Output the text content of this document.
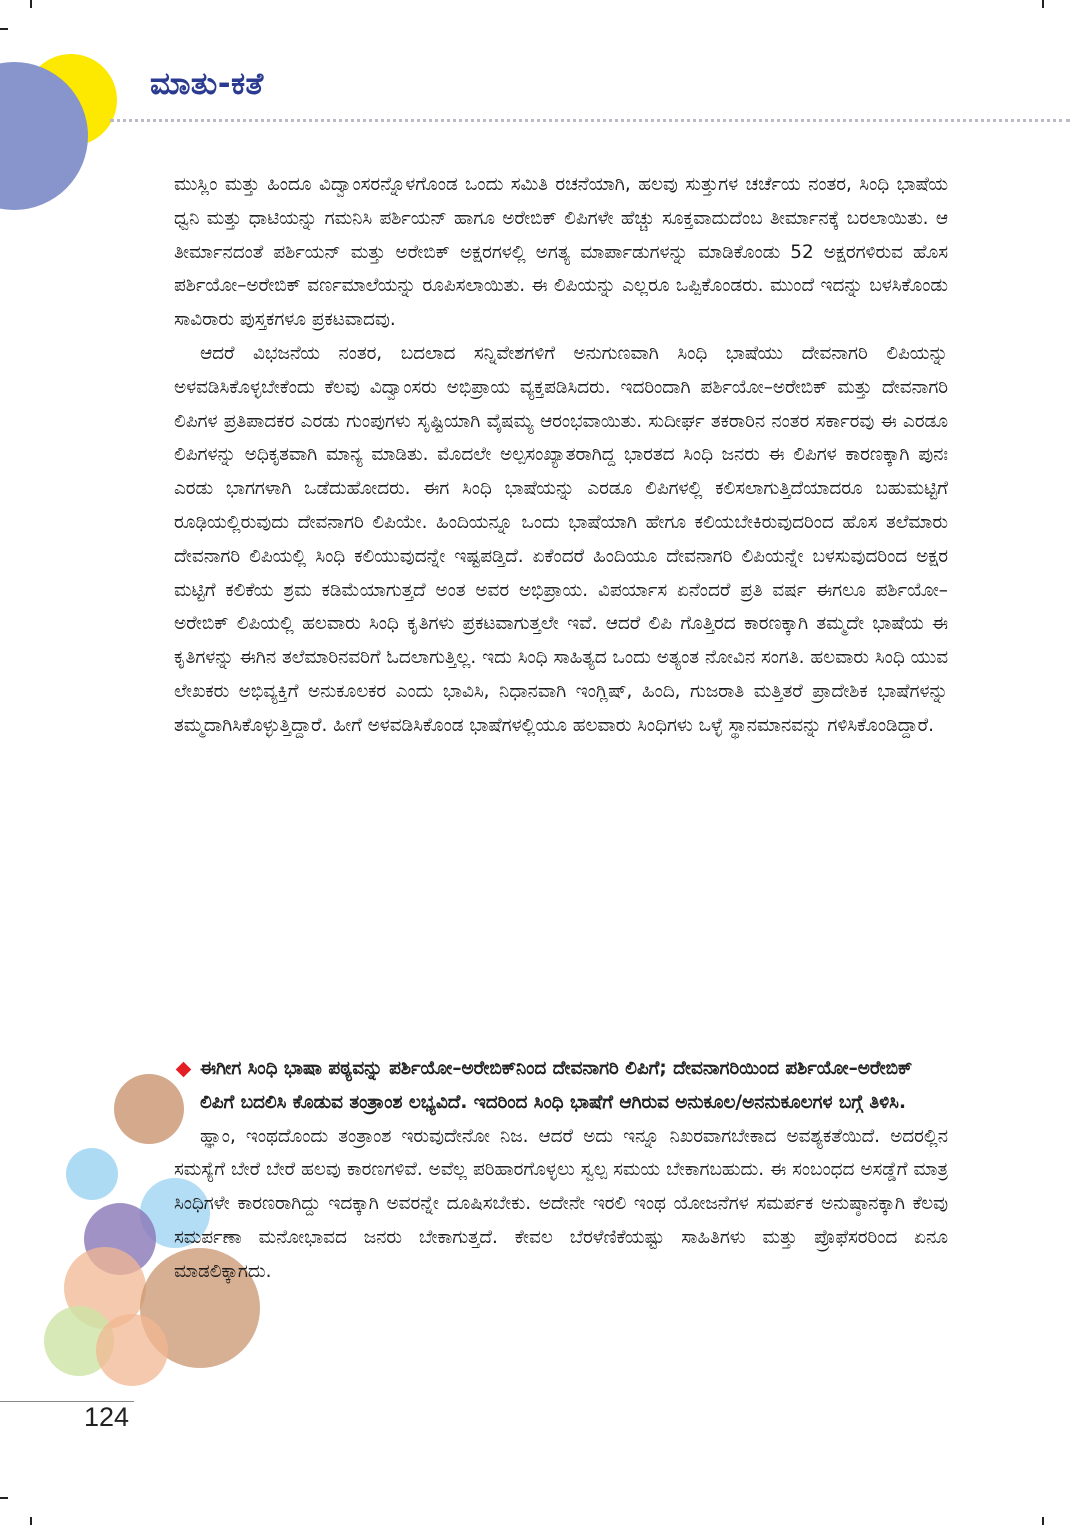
ಮಾತು-ಕತೆ

ಮುಸ್ಲಿಂ ಮತ್ತು ಹಿಂದೂ ವಿದ್ವಾಂಸರನ್ನೊಳಗೊಂಡ ಒಂದು ಸಮಿತಿ ರಚನೆಯಾಗಿ, ಹಲವು ಸುತ್ತುಗಳ ಚರ್ಚೆಯ ನಂತರ, ಸಿಂಧಿ ಭಾಷೆಯ ಧ್ವನಿ ಮತ್ತು ಧಾಟಿಯನ್ನು ಗಮನಿಸಿ ಪರ್ಶಿಯನ್ ಹಾಗೂ ಅರೇಬಿಕ್ ಲಿಪಿಗಳೇ ಹೆಚ್ಚು ಸೂಕ್ತವಾದುದೆಂಬ ತೀರ್ಮಾನಕ್ಕೆ ಬರಲಾಯಿತು. ಆ ತೀರ್ಮಾನದಂತೆ ಪರ್ಶಿಯನ್ ಮತ್ತು ಅರೇಬಿಕ್ ಅಕ್ಷರಗಳಲ್ಲಿ ಅಗತ್ಯ ಮಾರ್ಪಾಡುಗಳನ್ನು ಮಾಡಿಕೊಂಡು 52 ಅಕ್ಷರಗಳಿರುವ ಹೊಸ ಪರ್ಶಿಯೋ–ಅರೇಬಿಕ್ ವರ್ಣಮಾಲೆಯನ್ನು ರೂಪಿಸಲಾಯಿತು. ಈ ಲಿಪಿಯನ್ನು ಎಲ್ಲರೂ ಒಪ್ಪಿಕೊಂಡರು. ಮುಂದೆ ಇದನ್ನು ಬಳಸಿಕೊಂಡು ಸಾವಿರಾರು ಪುಸ್ತಕಗಳೂ ಪ್ರಕಟವಾದವು.

ಆದರೆ ವಿಭಜನೆಯ ನಂತರ, ಬದಲಾದ ಸನ್ನಿವೇಶಗಳಿಗೆ ಅನುಗುಣವಾಗಿ ಸಿಂಧಿ ಭಾಷೆಯು ದೇವನಾಗರಿ ಲಿಪಿಯನ್ನು ಅಳವಡಿಸಿಕೊಳ್ಳಬೇಕೆಂದು ಕೆಲವು ವಿದ್ವಾಂಸರು ಅಭಿಪ್ರಾಯ ವ್ಯಕ್ತಪಡಿಸಿದರು. ಇದರಿಂದಾಗಿ ಪರ್ಶಿಯೋ–ಅರೇಬಿಕ್ ಮತ್ತು ದೇವನಾಗರಿ ಲಿಪಿಗಳ ಪ್ರತಿಪಾದಕರ ಎರಡು ಗುಂಪುಗಳು ಸೃಷ್ಟಿಯಾಗಿ ವೈಷಮ್ಯ ಆರಂಭವಾಯಿತು. ಸುದೀರ್ಘ ತಕರಾರಿನ ನಂತರ ಸರ್ಕಾರವು ಈ ಎರಡೂ ಲಿಪಿಗಳನ್ನು ಅಧಿಕೃತವಾಗಿ ಮಾನ್ಯ ಮಾಡಿತು. ಮೊದಲೇ ಅಲ್ಪಸಂಖ್ಯಾತರಾಗಿದ್ದ ಭಾರತದ ಸಿಂಧಿ ಜನರು ಈ ಲಿಪಿಗಳ ಕಾರಣಕ್ಕಾಗಿ ಪುನಃ ಎರಡು ಭಾಗಗಳಾಗಿ ಒಡೆದುಹೋದರು. ಈಗ ಸಿಂಧಿ ಭಾಷೆಯನ್ನು ಎರಡೂ ಲಿಪಿಗಳಲ್ಲಿ ಕಲಿಸಲಾಗುತ್ತಿದೆಯಾದರೂ ಬಹುಮಟ್ಟಿಗೆ ರೂಢಿಯಲ್ಲಿರುವುದು ದೇವನಾಗರಿ ಲಿಪಿಯೇ. ಹಿಂದಿಯನ್ನೂ ಒಂದು ಭಾಷೆಯಾಗಿ ಹೇಗೂ ಕಲಿಯಬೇಕಿರುವುದರಿಂದ ಹೊಸ ತಲೆಮಾರು ದೇವನಾಗರಿ ಲಿಪಿಯಲ್ಲಿ ಸಿಂಧಿ ಕಲಿಯುವುದನ್ನೇ ಇಷ್ಟಪಡ್ತಿದೆ. ಏಕೆಂದರೆ ಹಿಂದಿಯೂ ದೇವನಾಗರಿ ಲಿಪಿಯನ್ನೇ ಬಳಸುವುದರಿಂದ ಅಕ್ಷರ ಮಟ್ಟಿಗೆ ಕಲಿಕೆಯ ಶ್ರಮ ಕಡಿಮೆಯಾಗುತ್ತದೆ ಅಂತ ಅವರ ಅಭಿಪ್ರಾಯ. ವಿಪರ್ಯಾಸ ಏನೆಂದರೆ ಪ್ರತಿ ವರ್ಷ ಈಗಲೂ ಪರ್ಶಿಯೋ–ಅರೇಬಿಕ್ ಲಿಪಿಯಲ್ಲಿ ಹಲವಾರು ಸಿಂಧಿ ಕೃತಿಗಳು ಪ್ರಕಟವಾಗುತ್ತಲೇ ಇವೆ. ಆದರೆ ಲಿಪಿ ಗೊತ್ತಿರದ ಕಾರಣಕ್ಕಾಗಿ ತಮ್ಮದೇ ಭಾಷೆಯ ಈ ಕೃತಿಗಳನ್ನು ಈಗಿನ ತಲೆಮಾರಿನವರಿಗೆ ಓದಲಾಗುತ್ತಿಲ್ಲ. ಇದು ಸಿಂಧಿ ಸಾಹಿತ್ಯದ ಒಂದು ಅತ್ಯಂತ ನೋವಿನ ಸಂಗತಿ. ಹಲವಾರು ಸಿಂಧಿ ಯುವ ಲೇಖಕರು ಅಭಿವ್ಯಕ್ತಿಗೆ ಅನುಕೂಲಕರ ಎಂದು ಭಾವಿಸಿ, ನಿಧಾನವಾಗಿ ಇಂಗ್ಲಿಷ್, ಹಿಂದಿ, ಗುಜರಾತಿ ಮತ್ತಿತರೆ ಪ್ರಾದೇಶಿಕ ಭಾಷೆಗಳನ್ನು ತಮ್ಮದಾಗಿಸಿಕೊಳ್ಳುತ್ತಿದ್ದಾರೆ. ಹೀಗೆ ಅಳವಡಿಸಿಕೊಂಡ ಭಾಷೆಗಳಲ್ಲಿಯೂ ಹಲವಾರು ಸಿಂಧಿಗಳು ಒಳ್ಳೆ ಸ್ಥಾನಮಾನವನ್ನು ಗಳಿಸಿಕೊಂಡಿದ್ದಾರೆ.

ಈಗೀಗ ಸಿಂಧಿ ಭಾಷಾ ಪಠ್ಯವನ್ನು ಪರ್ಶಿಯೋ–ಅರೇಬಿಕ್‌ನಿಂದ ದೇವನಾಗರಿ ಲಿಪಿಗೆ; ದೇವನಾಗರಿಯಿಂದ ಪರ್ಶಿಯೋ–ಅರೇಬಿಕ್ ಲಿಪಿಗೆ ಬದಲಿಸಿ ಕೊಡುವ ತಂತ್ರಾಂಶ ಲಭ್ಯವಿದೆ. ಇದರಿಂದ ಸಿಂಧಿ ಭಾಷೆಗೆ ಆಗಿರುವ ಅನುಕೂಲ/ಅನನುಕೂಲಗಳ ಬಗ್ಗೆ ತಿಳಿಸಿ.

ಹ್ಞಾಂ, ಇಂಥದೊಂದು ತಂತ್ರಾಂಶ ಇರುವುದೇನೋ ನಿಜ. ಆದರೆ ಅದು ಇನ್ನೂ ನಿಖರವಾಗಬೇಕಾದ ಅವಶ್ಯಕತೆಯಿದೆ. ಅದರಲ್ಲಿನ ಸಮಸ್ಯೆಗೆ ಬೇರೆ ಬೇರೆ ಹಲವು ಕಾರಣಗಳಿವೆ. ಅವೆಲ್ಲ ಪರಿಹಾರಗೊಳ್ಳಲು ಸ್ವಲ್ಪ ಸಮಯ ಬೇಕಾಗಬಹುದು. ಈ ಸಂಬಂಧದ ಅಸಡ್ಡೆಗೆ ಮಾತ್ರ ಸಿಂಧಿಗಳೇ ಕಾರಣರಾಗಿದ್ದು ಇದಕ್ಕಾಗಿ ಅವರನ್ನೇ ದೂಷಿಸಬೇಕು. ಅದೇನೇ ಇರಲಿ ಇಂಥ ಯೋಜನೆಗಳ ಸಮರ್ಪಕ ಅನುಷ್ಠಾನಕ್ಕಾಗಿ ಕೆಲವು ಸಮರ್ಪಣಾ ಮನೋಭಾವದ ಜನರು ಬೇಕಾಗುತ್ತದೆ. ಕೇವಲ ಬೆರಳೆಣಿಕೆಯಷ್ಟು ಸಾಹಿತಿಗಳು ಮತ್ತು ಪ್ರೊಫೆಸರರಿಂದ ಏನೂ ಮಾಡಲಿಕ್ಕಾಗದು.

124
